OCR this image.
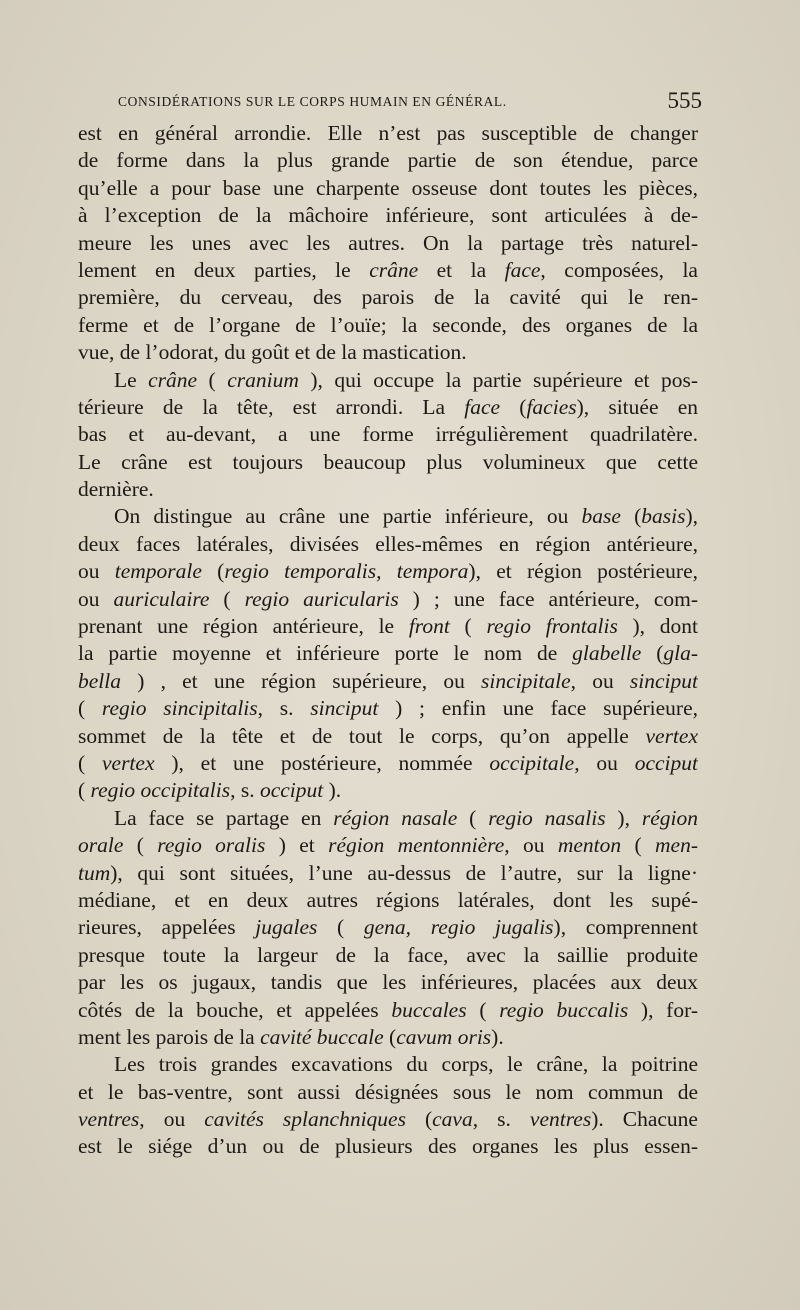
CONSIDÉRATIONS SUR LE CORPS HUMAIN EN GÉNÉRAL.	555
est en général arrondie. Elle n’est pas susceptible de changer
de forme dans la plus grande partie de son étendue, parce
qu’elle a pour base une charpente osseuse dont toutes les pièces,
à l’exception de la mâchoire inférieure, sont articulées à de-
meure les unes avec les autres. On la partage très naturel-
lement en deux parties, le crâne et la face, composées, la
première, du cerveau, des parois de la cavité qui le ren-
ferme et de l’organe de l’ouïe; la seconde, des organes de la
vue, de l’odorat, du goût et de la mastication.
Le crâne ( cranium ), qui occupe la partie supérieure et pos-
térieure de la tête, est arrondi. La face (facies), située en
bas et au-devant, a une forme irrégulièrement quadrilatère.
Le crâne est toujours beaucoup plus volumineux que cette
dernière.
On distingue au crâne une partie inférieure, ou base (basis),
deux faces latérales, divisées elles-mêmes en région antérieure,
ou temporale (regio temporalis, tempora), et région postérieure,
ou auriculaire ( regio auricularis ) ; une face antérieure, com-
prenant une région antérieure, le front ( regio frontalis ), dont
la partie moyenne et inférieure porte le nom de glabelle (gla-
bella ) , et une région supérieure, ou sincipitale, ou sinciput
( regio sincipitalis, s. sinciput ) ; enfin une face supérieure,
sommet de la tête et de tout le corps, qu’on appelle vertex
( vertex ), et une postérieure, nommée occipitale, ou occiput
( regio occipitalis, s. occiput ).
La face se partage en région nasale ( regio nasalis ), région
orale ( regio oralis ) et région mentonnière, ou menton ( men-
tum), qui sont situées, l’une au-dessus de l’autre, sur la ligne·
médiane, et en deux autres régions latérales, dont les supé-
rieures, appelées jugales ( gena, regio jugalis), comprennent
presque toute la largeur de la face, avec la saillie produite
par les os jugaux, tandis que les inférieures, placées aux deux
côtés de la bouche, et appelées buccales ( regio buccalis ), for-
ment les parois de la cavité buccale (cavum oris).
Les trois grandes excavations du corps, le crâne, la poitrine
et le bas-ventre, sont aussi désignées sous le nom commun de
ventres, ou cavités splanchniques (cava, s. ventres). Chacune
est le siége d’un ou de plusieurs des organes les plus essen-
